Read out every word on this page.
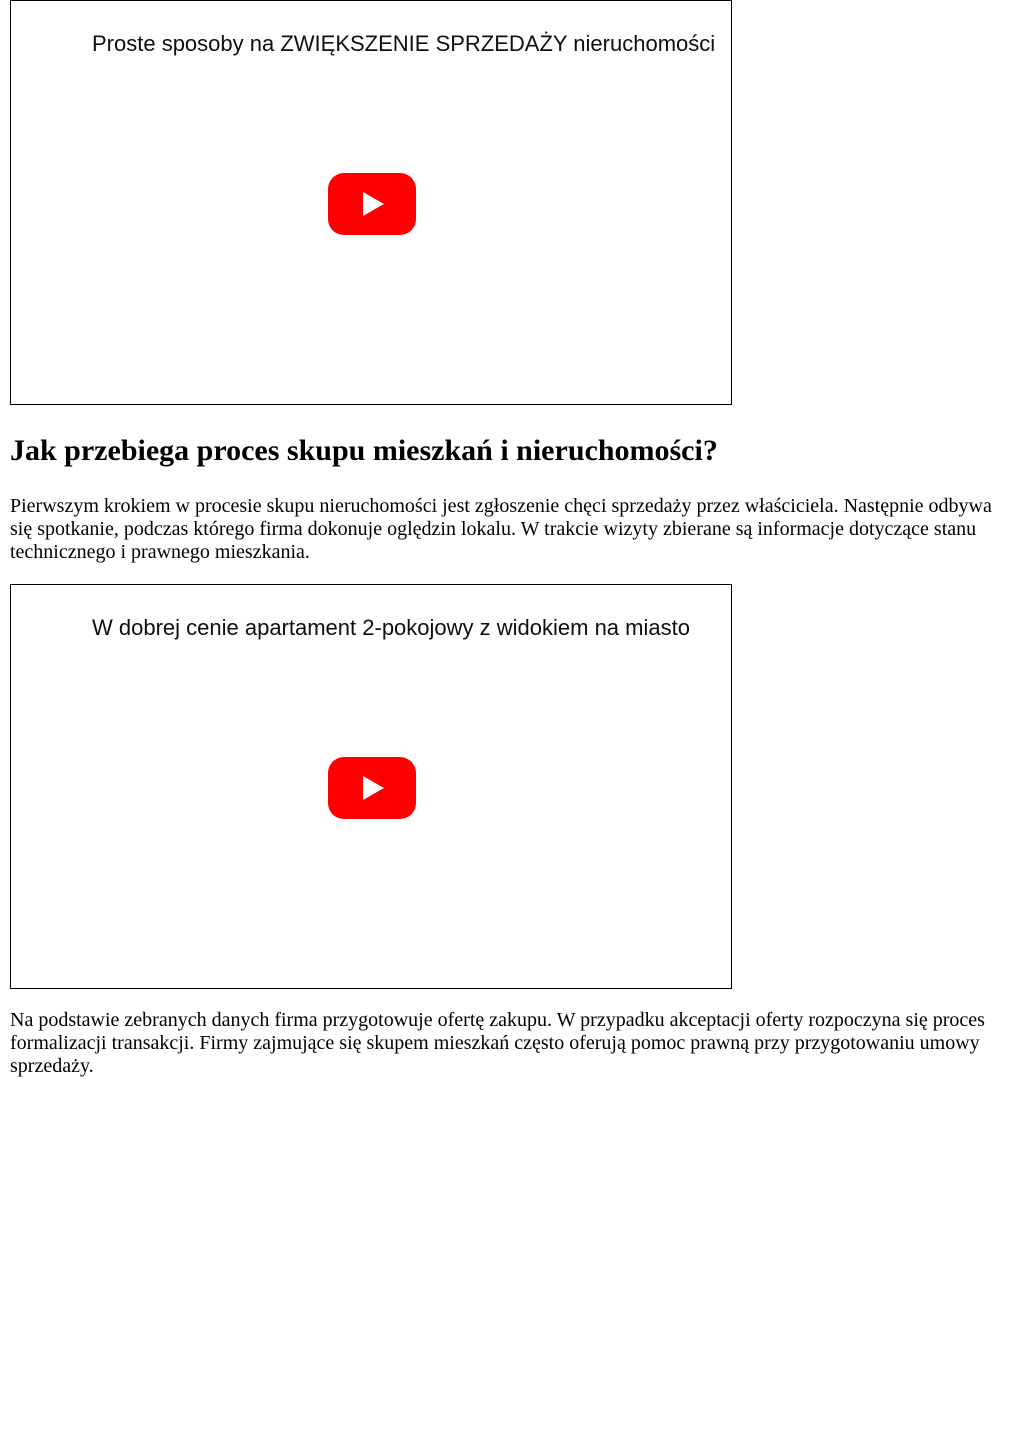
Proste sposoby na ZWIĘKSZENIE SPRZEDAŻY nieruchomości
Jak przebiega proces skupu mieszkań i nieruchomości?

Pierwszym krokiem w procesie skupu nieruchomości jest zgłoszenie chęci sprzedaży przez właściciela. Następnie odbywa się spotkanie, podczas którego firma dokonuje oględzin lokalu. W trakcie wizyty zbierane są informacje dotyczące stanu technicznego i prawnego mieszkania.

W dobrej cenie apartament 2-pokojowy z widokiem na miasto

Na podstawie zebranych danych firma przygotowuje ofertę zakupu. W przypadku akceptacji oferty rozpoczyna się proces formalizacji transakcji. Firmy zajmujące się skupem mieszkań często oferują pomoc prawną przy przygotowaniu umowy sprzedaży.
